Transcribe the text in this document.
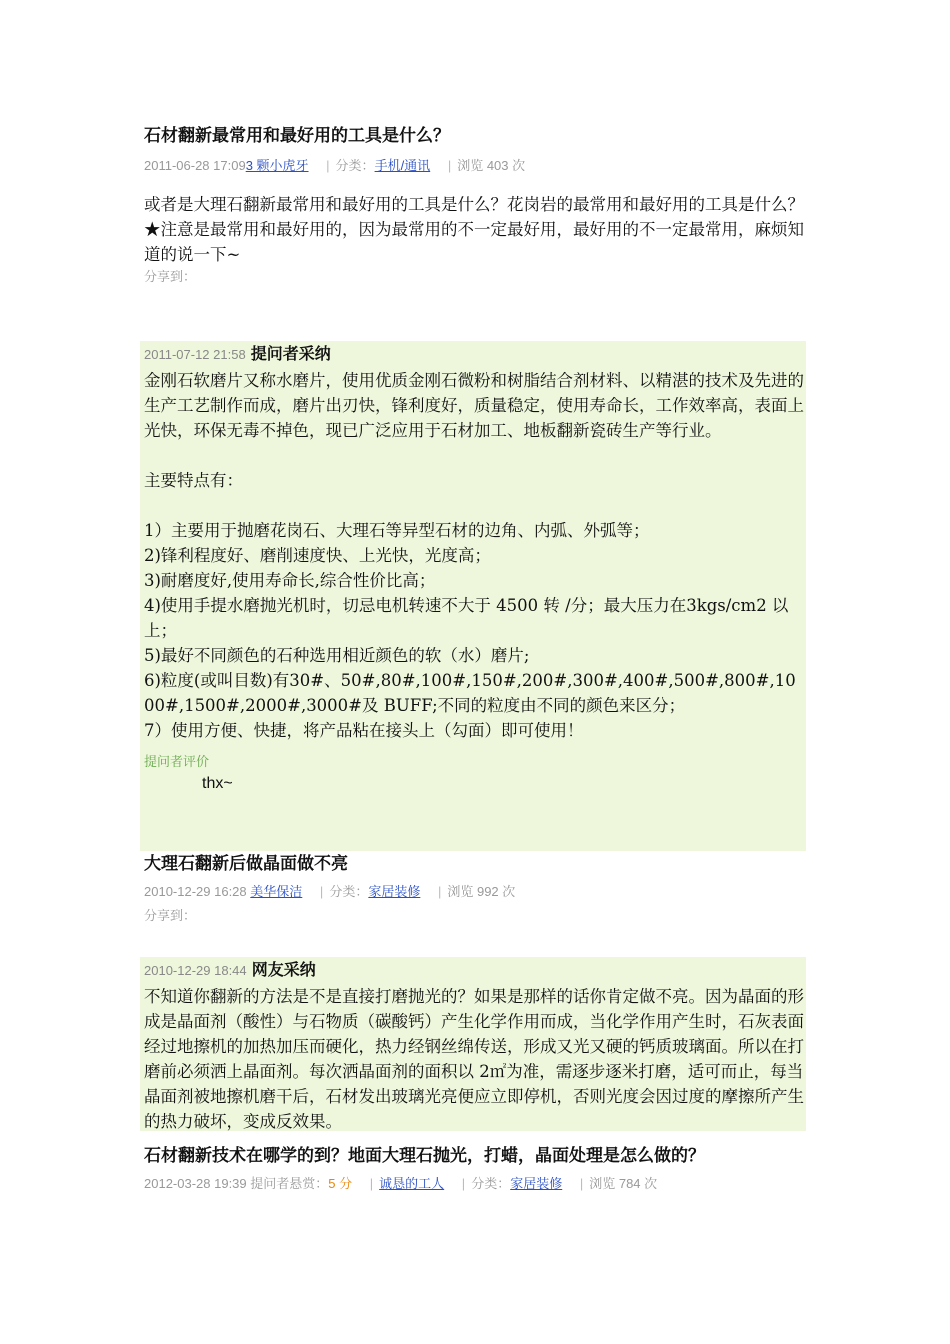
石材翻新最常用和最好用的工具是什么？
2011-06-28 17:093 颗小虎牙 | 分类：手机/通讯 | 浏览 403 次

或者是大理石翻新最常用和最好用的工具是什么？花岗岩的最常用和最好用的工具是什么？

★注意是最常用和最好用的，因为最常用的不一定最好用，最好用的不一定最常用，麻烦知道的说一下~

分享到：
2011-07-12 21:58 提问者采纳

金刚石软磨片又称水磨片，使用优质金刚石微粉和树脂结合剂材料、以精湛的技术及先进的生产工艺制作而成，磨片出刃快，锋利度好，质量稳定，使用寿命长，工作效率高，表面上光快，环保无毒不掉色，现已广泛应用于石材加工、地板翻新瓷砖生产等行业。

主要特点有：

1）主要用于抛磨花岗石、大理石等异型石材的边角、内弧、外弧等；

2)锋利程度好、磨削速度快、上光快，光度高；

3)耐磨度好,使用寿命长,综合性价比高；

4)使用手提水磨抛光机时，切忌电机转速不大于 4500 转 /分；最大压力在3kgs/cm2 以上；

5)最好不同颜色的石种选用相近颜色的软（水）磨片;

6)粒度(或叫目数)有30#、50#,80#,100#,150#,200#,300#,400#,500#,800#,1000#,1500#,2000#,3000#及 BUFF;不同的粒度由不同的颜色来区分；

7）使用方便、快捷，将产品粘在接头上（勾面）即可使用！

提问者评价
thx~
大理石翻新后做晶面做不亮
2010-12-29 16:28 美华保洁 | 分类：家居装修 | 浏览 992 次
分享到：
2010-12-29 18:44 网友采纳

不知道你翻新的方法是不是直接打磨抛光的？如果是那样的话你肯定做不亮。因为晶面的形成是晶面剂（酸性）与石物质（碳酸钙）产生化学作用而成，当化学作用产生时，石灰表面经过地擦机的加热加压而硬化，热力经钢丝绵传送，形成又光又硬的钙质玻璃面。所以在打磨前必须洒上晶面剂。每次洒晶面剂的面积以 2㎡为准，需逐步逐米打磨，适可而止，每当晶面剂被地擦机磨干后，石材发出玻璃光亮便应立即停机，否则光度会因过度的摩擦所产生的热力破坏，变成反效果。

石材翻新技术在哪学的到？地面大理石抛光，打蜡，晶面处理是怎么做的？
2012-03-28 19:39 提问者悬赏：5 分 | 诚恳的工人 | 分类：家居装修 | 浏览 784 次
